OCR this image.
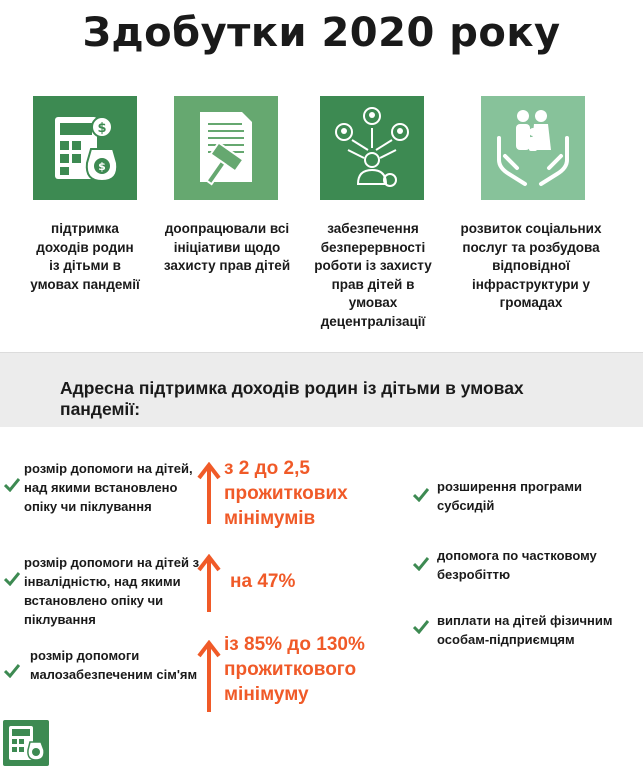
Здобутки 2020 року
$
$
підтримка доходів родин із дітьми в умовах пандемії
доопрацювали всі ініціативи щодо захисту прав дітей
забезпечення безперервності роботи із захисту прав дітей в умовах децентралізації
розвиток соціальних послуг та розбудова відповідної інфраструктури у громадах
Адресна підтримка доходів родин із дітьми в умовах пандемії:
розмір допомоги на дітей, над якими встановлено опіку чи піклування
розмір допомоги на дітей з інвалідністю, над якими встановлено опіку чи піклування
розмір допомоги малозабезпеченим сім'ям
з 2 до 2,5 прожиткових мінімумів
на 47%
із 85% до 130% прожиткового мінімуму
розширення програми субсидій
допомога по частковому безробіттю
виплати на дітей фізичним особам-підприємцям
